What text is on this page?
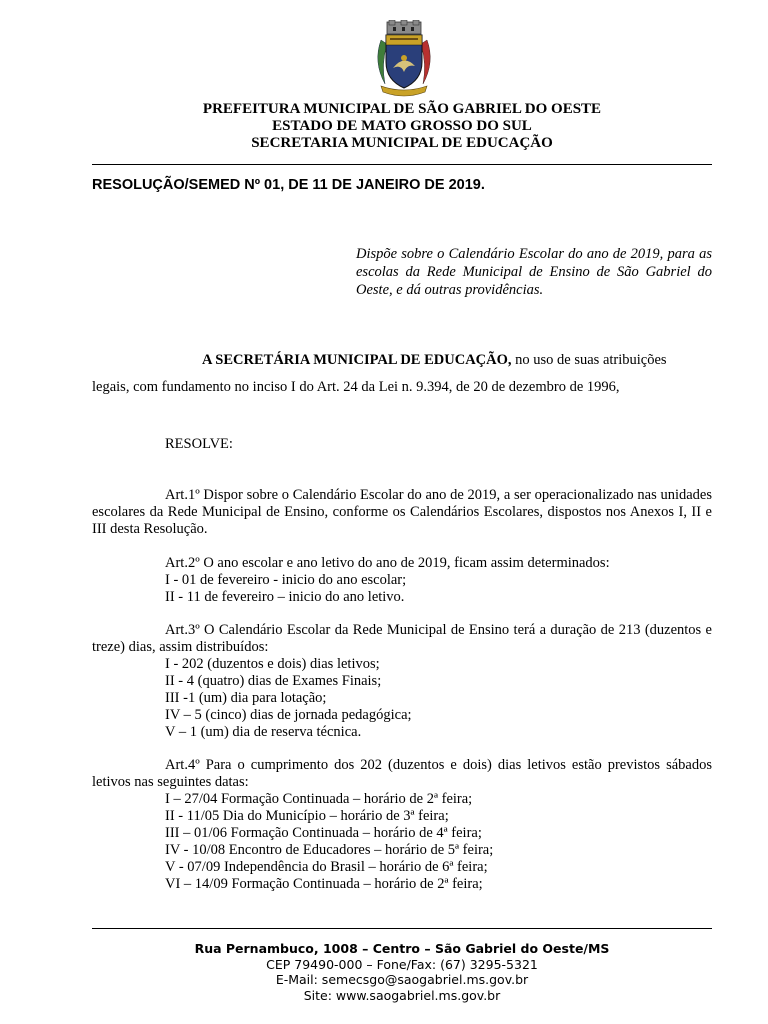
PREFEITURA MUNICIPAL DE SÃO GABRIEL DO OESTE
ESTADO DE MATO GROSSO DO SUL
SECRETARIA MUNICIPAL DE EDUCAÇÃO
RESOLUÇÃO/SEMED Nº 01, DE 11 DE JANEIRO DE 2019.
Dispõe sobre o Calendário Escolar do ano de 2019, para as escolas da Rede Municipal de Ensino de São Gabriel do Oeste, e dá outras providências.
A SECRETÁRIA MUNICIPAL DE EDUCAÇÃO, no uso de suas atribuições
legais, com fundamento no inciso I do Art. 24 da Lei n. 9.394, de 20 de dezembro de 1996,
RESOLVE:
Art.1º Dispor sobre o Calendário Escolar do ano de 2019, a ser operacionalizado nas unidades escolares da Rede Municipal de Ensino, conforme os Calendários Escolares, dispostos nos Anexos I, II e III desta Resolução.
Art.2º O ano escolar e ano letivo do ano de 2019, ficam assim determinados:
I - 01 de fevereiro - inicio do ano escolar;
II - 11 de fevereiro – inicio do ano letivo.
Art.3º O Calendário Escolar da Rede Municipal de Ensino terá a duração de 213 (duzentos e treze) dias, assim distribuídos:
I - 202 (duzentos e dois) dias letivos;
II - 4 (quatro) dias de Exames Finais;
III -1 (um) dia para lotação;
IV – 5 (cinco) dias de jornada pedagógica;
V – 1 (um) dia de reserva técnica.
Art.4º Para o cumprimento dos 202 (duzentos e dois) dias letivos estão previstos sábados letivos nas seguintes datas:
I – 27/04 Formação Continuada – horário de 2ª feira;
II - 11/05 Dia do Município – horário de 3ª feira;
III – 01/06 Formação Continuada – horário de 4ª feira;
IV - 10/08 Encontro de Educadores – horário de 5ª feira;
V - 07/09 Independência do Brasil – horário de 6ª feira;
VI – 14/09 Formação Continuada – horário de 2ª feira;
Rua Pernambuco, 1008 – Centro – São Gabriel do Oeste/MS
CEP 79490-000 – Fone/Fax: (67) 3295-5321
E-Mail: semecsgo@saogabriel.ms.gov.br
Site: www.saogabriel.ms.gov.br
